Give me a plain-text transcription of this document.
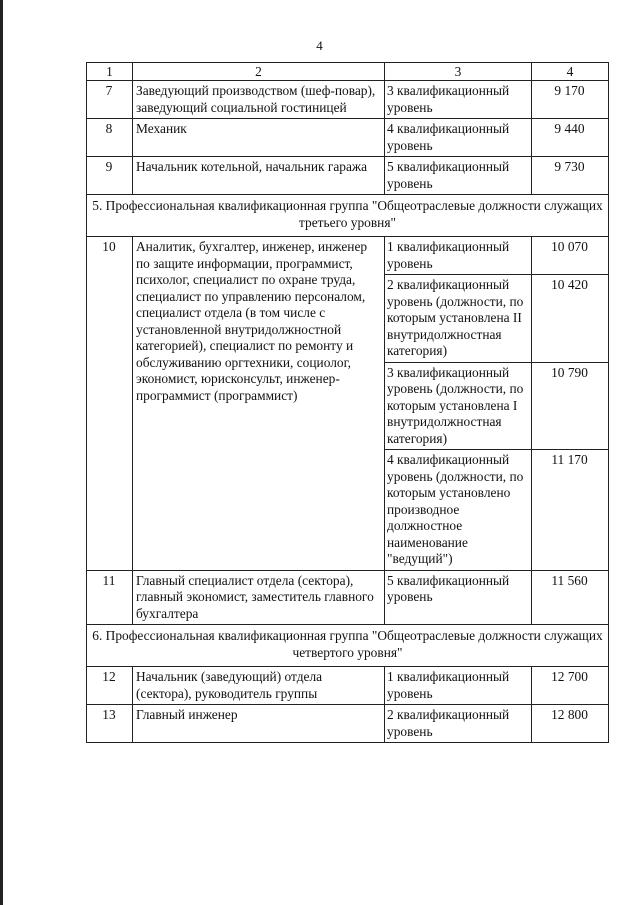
4
1	2	3	4
7	Заведующий производством (шеф-повар), заведующий социальной гостиницей	3 квалификационный уровень	9 170
8	Механик	4 квалификационный уровень	9 440
9	Начальник котельной, начальник гаража	5 квалификационный уровень	9 730
5. Профессиональная квалификационная группа "Общеотраслевые должности служащих третьего уровня"			
10	Аналитик, бухгалтер, инженер, инженер по защите информации, программист, психолог, специалист по охране труда, специалист по управлению персоналом, специалист отдела (в том числе с установленной внутридолжностной категорией), специалист по ремонту и обслуживанию оргтехники, социолог, экономист, юрисконсульт, инженер-программист (программист)	1 квалификационный уровень	10 070
		2 квалификационный уровень (должности, по которым установлена II внутридолжностная категория)	10 420
		3 квалификационный уровень (должности, по которым установлена I внутридолжностная категория)	10 790
		4 квалификационный уровень (должности, по которым установлено производное должностное наименование "ведущий")	11 170
11	Главный специалист отдела (сектора), главный экономист, заместитель главного бухгалтера	5 квалификационный уровень	11 560
6. Профессиональная квалификационная группа "Общеотраслевые должности служащих четвертого уровня"			
12	Начальник (заведующий) отдела (сектора), руководитель группы	1 квалификационный уровень	12 700
13	Главный инженер	2 квалификационный уровень	12 800
